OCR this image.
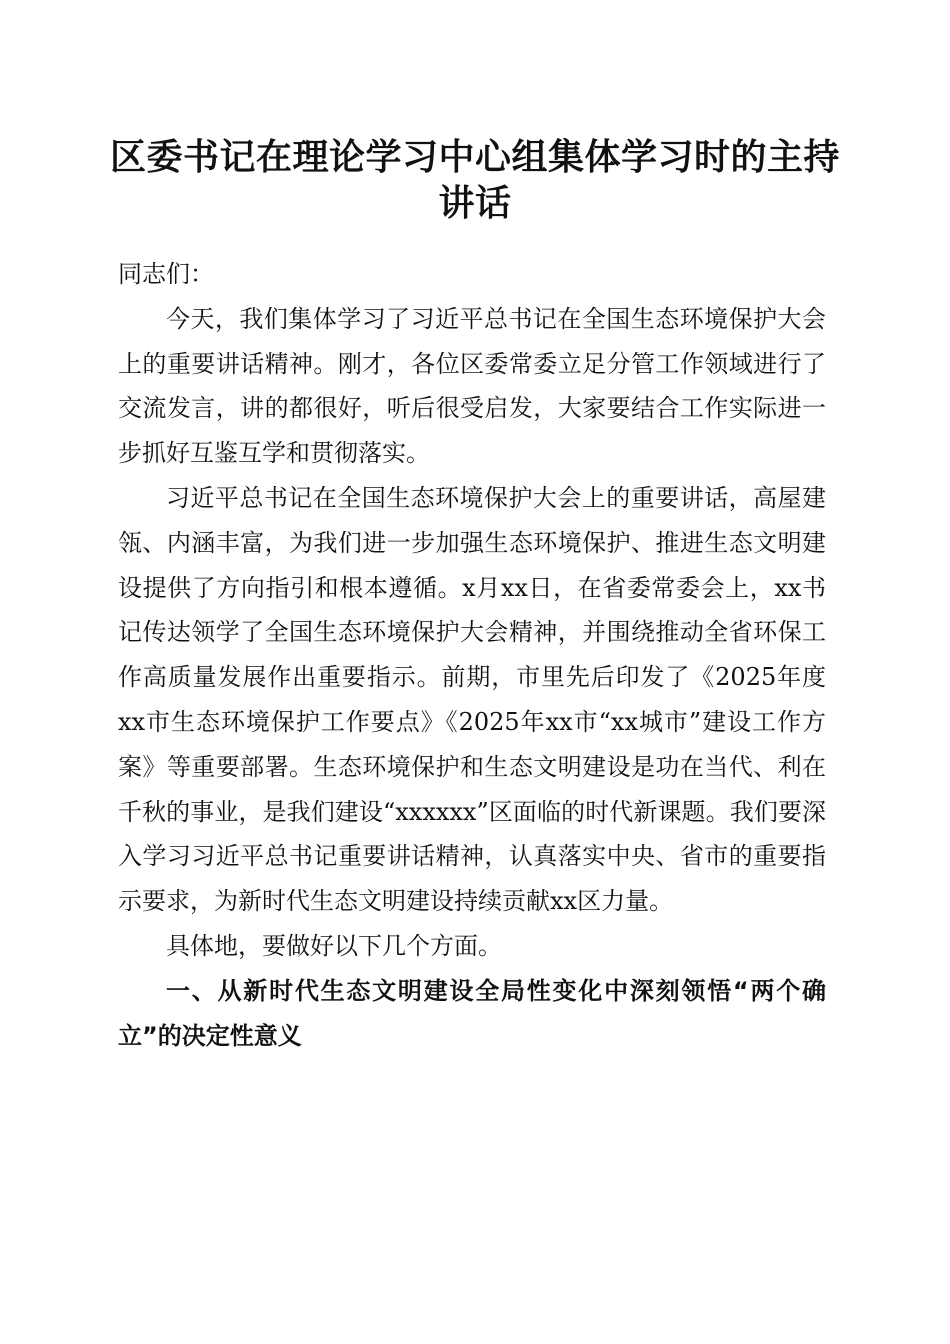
区委书记在理论学习中心组集体学习时的主持讲话

同志们：

今天，我们集体学习了习近平总书记在全国生态环境保护大会上的重要讲话精神。刚才，各位区委常委立足分管工作领域进行了交流发言，讲的都很好，听后很受启发，大家要结合工作实际进一步抓好互鉴互学和贯彻落实。

习近平总书记在全国生态环境保护大会上的重要讲话，高屋建瓴、内涵丰富，为我们进一步加强生态环境保护、推进生态文明建设提供了方向指引和根本遵循。x月xx日，在省委常委会上，xx书记传达领学了全国生态环境保护大会精神，并围绕推动全省环保工作高质量发展作出重要指示。前期，市里先后印发了《2025年度xx市生态环境保护工作要点》《2025年xx市“xx城市”建设工作方案》等重要部署。生态环境保护和生态文明建设是功在当代、利在千秋的事业，是我们建设“xxxxxx”区面临的时代新课题。我们要深入学习习近平总书记重要讲话精神，认真落实中央、省市的重要指示要求，为新时代生态文明建设持续贡献xx区力量。

具体地，要做好以下几个方面。

一、从新时代生态文明建设全局性变化中深刻领悟“两个确立”的决定性意义
